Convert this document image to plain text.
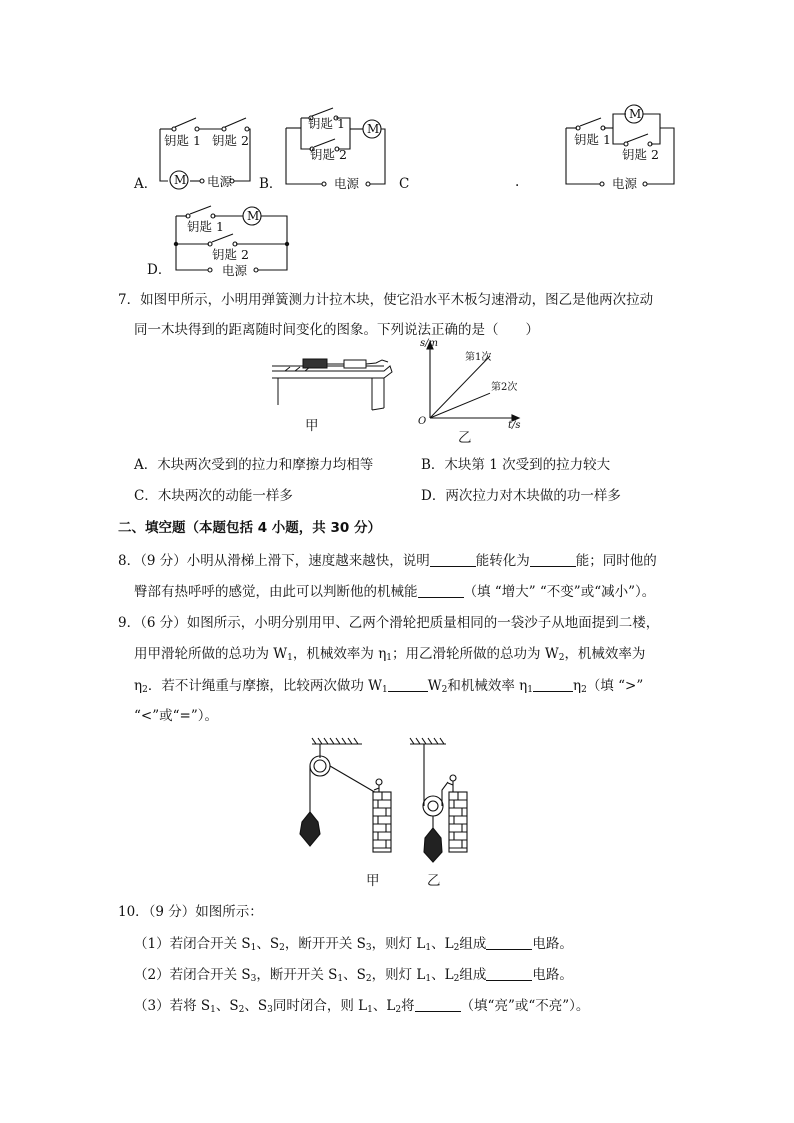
A． M
钥匙 1 钥匙 2
电源 B．
钥匙 1
钥匙 2
M
电源	C	.
钥匙 1
M
钥匙 2
电源
D．
钥匙 1
M
钥匙 2
电源
7．如图甲所示，小明用弹簧测力计拉木块，使它沿水平木板匀速滑动，图乙是他两次拉动
同一木块得到的距离随时间变化的图象。下列说法正确的是（　　）
甲
s/m
t/s
O
第1次
第2次
乙
A．木块两次受到的拉力和摩擦力均相等	B．木块第 1 次受到的拉力较大
C．木块两次的动能一样多	D．两次拉力对木块做的功一样多
二、填空题（本题包括 4 小题，共 30 分）
8．（9 分）小明从滑梯上滑下，速度越来越快，说明	能转化为	能；同时他的
臀部有热呼呼的感觉，由此可以判断他的机械能	（填 “增大” “不变”或“减小”）。
9．（6 分）如图所示，小明分别用甲、乙两个滑轮把质量相同的一袋沙子从地面提到二楼，
用甲滑轮所做的总功为 $W_1$，机械效率为 $\eta_1$；用乙滑轮所做的总功为 $W_2$，机械效率为
$\eta_2$．若不计绳重与摩擦，比较两次做功 $W_1$	$W_2$和机械效率 $\eta_1$	$\eta_2$（填 “>”
“<”或“=”）。
甲	乙
10．（9 分）如图所示：
（1）若闭合开关 $S_1$、$S_2$，断开开关 $S_3$，则灯 $L_1$、$L_2$组成	电路。
（2）若闭合开关 $S_3$，断开开关 $S_1$、$S_2$，则灯 $L_1$、$L_2$组成	电路。
（3）若将 $S_1$、$S_2$、$S_3$同时闭合，则 $L_1$、$L_2$将	（填“亮”或“不亮”）。
